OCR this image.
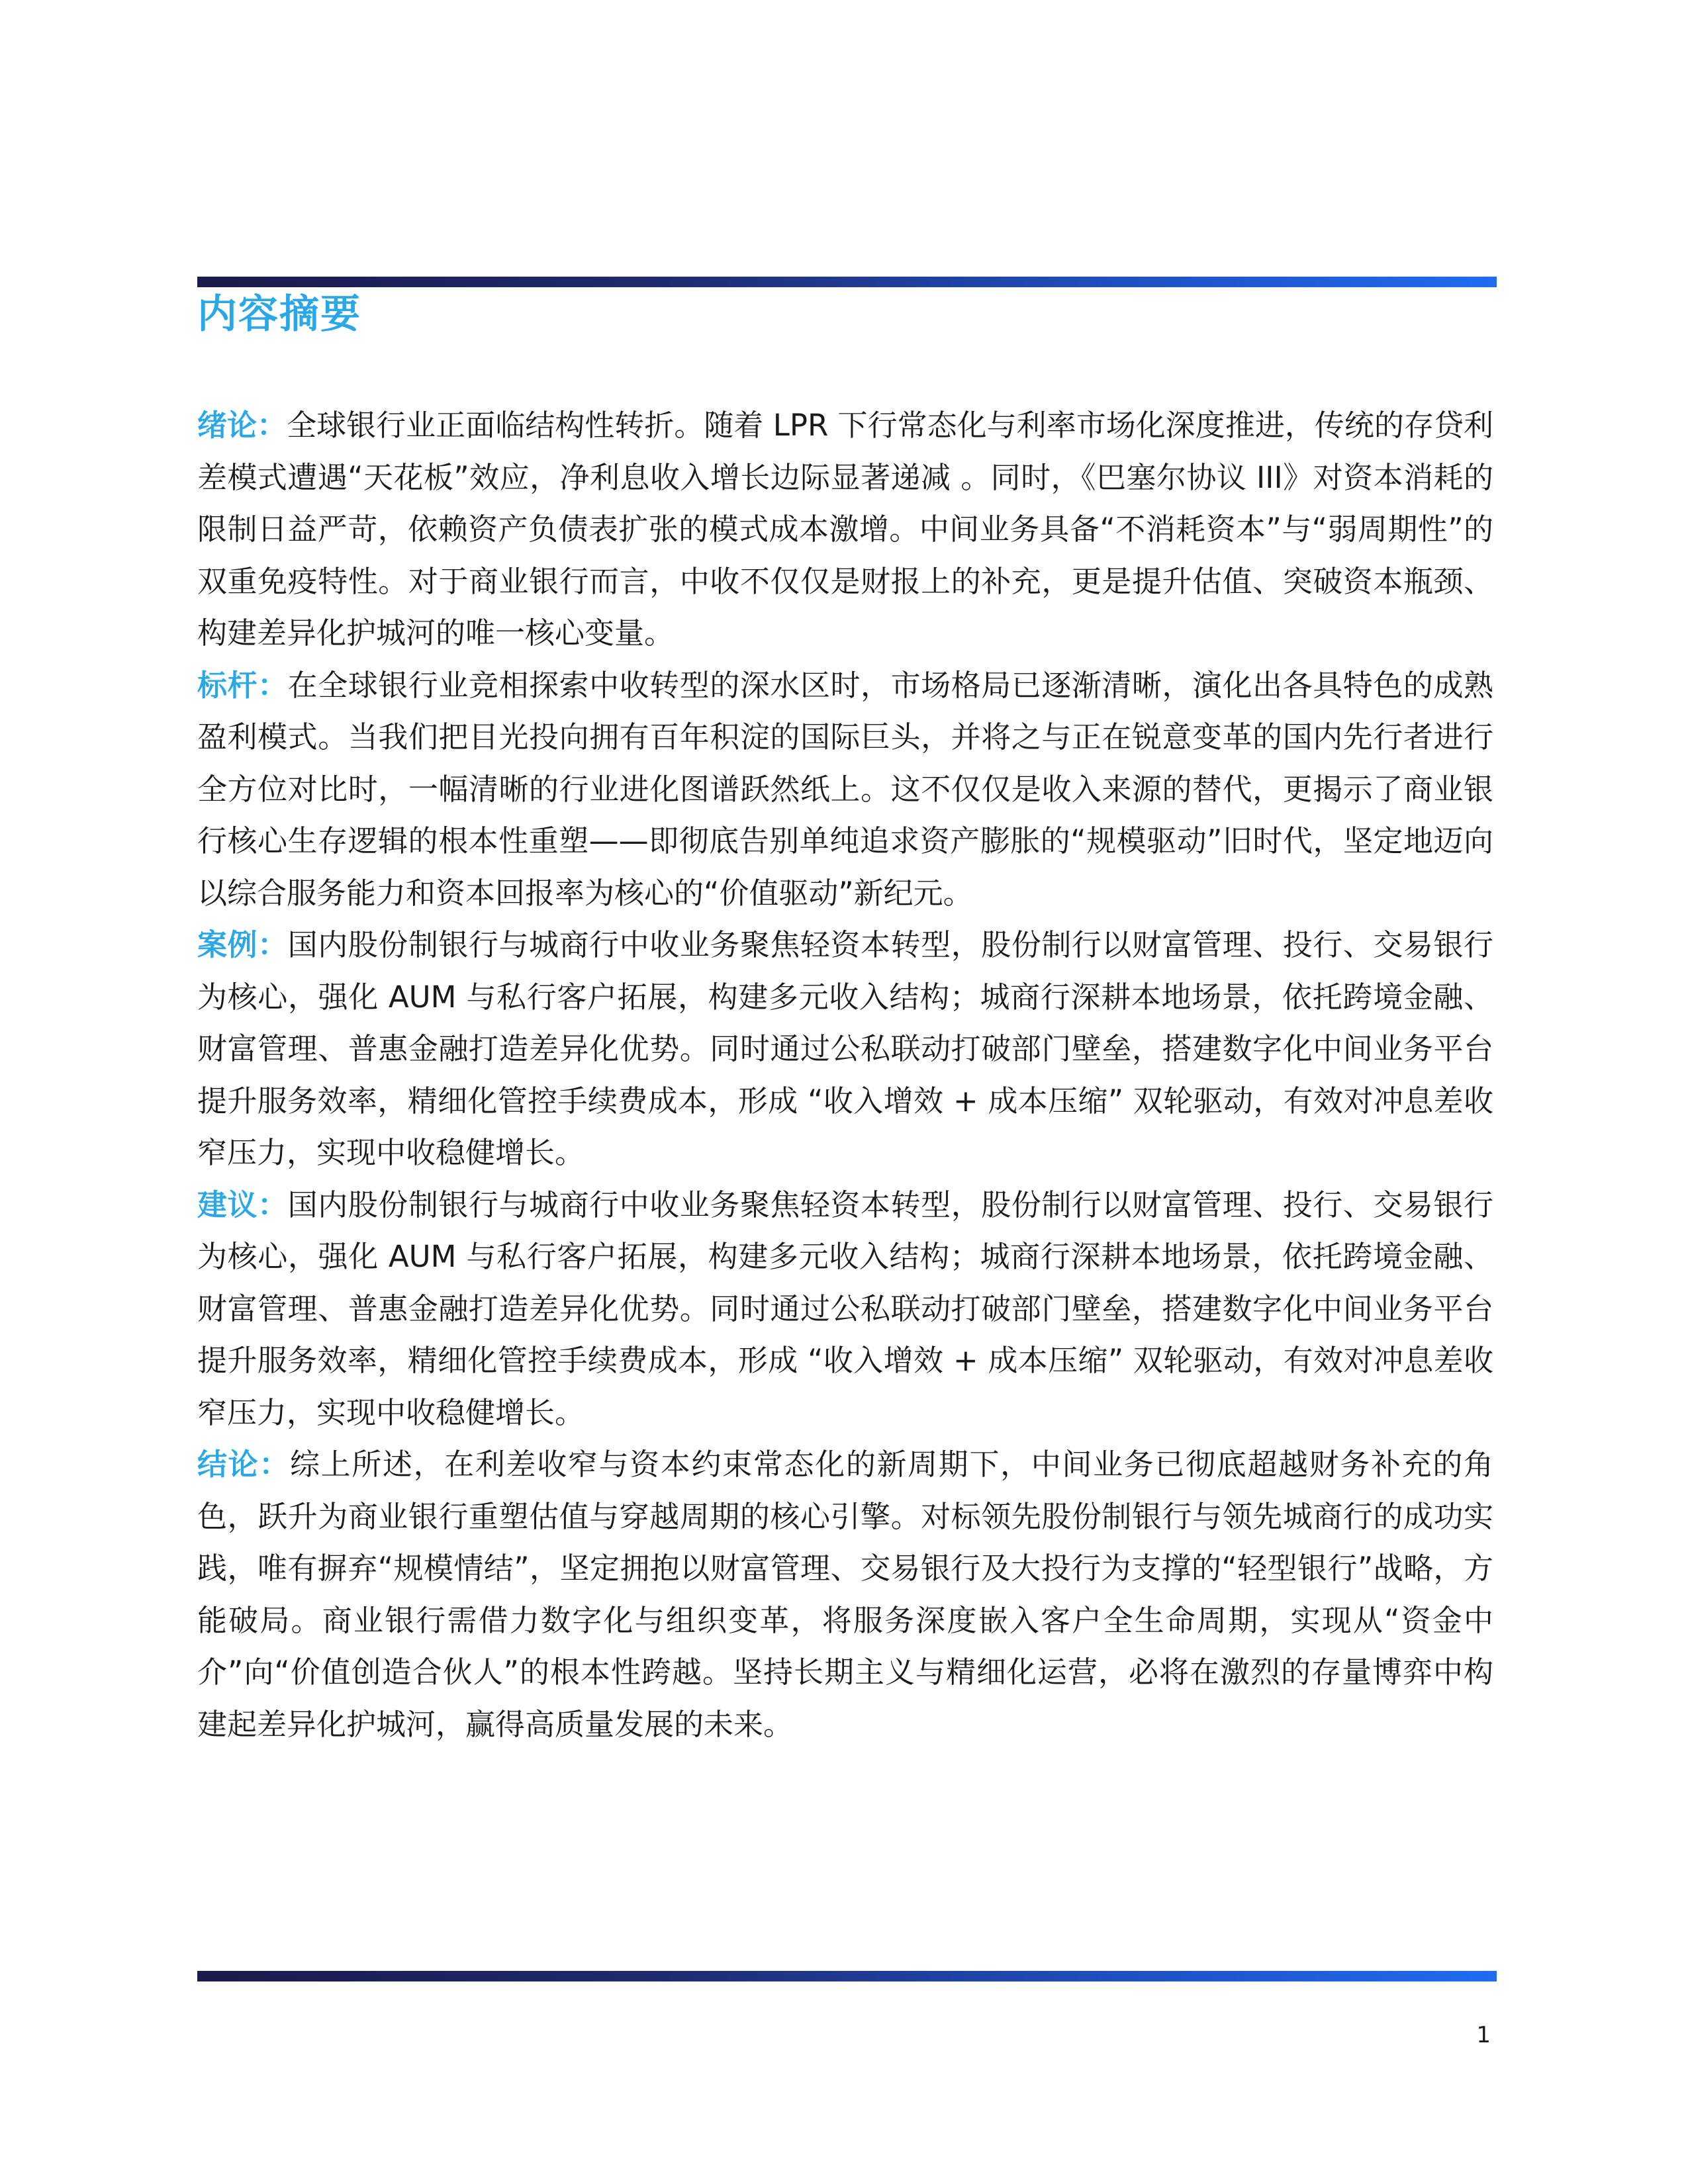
内容摘要

绪论：全球银行业正面临结构性转折。随着 LPR 下行常态化与利率市场化深度推进，传统的存贷利差模式遭遇“天花板”效应，净利息收入增长边际显著递减 。同时，《巴塞尔协议 III》对资本消耗的限制日益严苛，依赖资产负债表扩张的模式成本激增。中间业务具备“不消耗资本”与“弱周期性”的双重免疫特性。对于商业银行而言，中收不仅仅是财报上的补充，更是提升估值、突破资本瓶颈、构建差异化护城河的唯一核心变量。

标杆：在全球银行业竞相探索中收转型的深水区时，市场格局已逐渐清晰，演化出各具特色的成熟盈利模式。当我们把目光投向拥有百年积淀的国际巨头，并将之与正在锐意变革的国内先行者进行全方位对比时，一幅清晰的行业进化图谱跃然纸上。这不仅仅是收入来源的替代，更揭示了商业银行核心生存逻辑的根本性重塑——即彻底告别单纯追求资产膨胀的“规模驱动”旧时代，坚定地迈向以综合服务能力和资本回报率为核心的“价值驱动”新纪元。

案例：国内股份制银行与城商行中收业务聚焦轻资本转型，股份制行以财富管理、投行、交易银行为核心，强化 AUM 与私行客户拓展，构建多元收入结构；城商行深耕本地场景，依托跨境金融、财富管理、普惠金融打造差异化优势。同时通过公私联动打破部门壁垒，搭建数字化中间业务平台提升服务效率，精细化管控手续费成本，形成 “收入增效 + 成本压缩” 双轮驱动，有效对冲息差收窄压力，实现中收稳健增长。

建议：国内股份制银行与城商行中收业务聚焦轻资本转型，股份制行以财富管理、投行、交易银行为核心，强化 AUM 与私行客户拓展，构建多元收入结构；城商行深耕本地场景，依托跨境金融、财富管理、普惠金融打造差异化优势。同时通过公私联动打破部门壁垒，搭建数字化中间业务平台提升服务效率，精细化管控手续费成本，形成 “收入增效 + 成本压缩” 双轮驱动，有效对冲息差收窄压力，实现中收稳健增长。

结论：综上所述，在利差收窄与资本约束常态化的新周期下，中间业务已彻底超越财务补充的角色，跃升为商业银行重塑估值与穿越周期的核心引擎。对标领先股份制银行与领先城商行的成功实践，唯有摒弃“规模情结”，坚定拥抱以财富管理、交易银行及大投行为支撑的“轻型银行”战略，方能破局。商业银行需借力数字化与组织变革，将服务深度嵌入客户全生命周期，实现从“资金中介”向“价值创造合伙人”的根本性跨越。坚持长期主义与精细化运营，必将在激烈的存量博弈中构建起差异化护城河，赢得高质量发展的未来。

1
